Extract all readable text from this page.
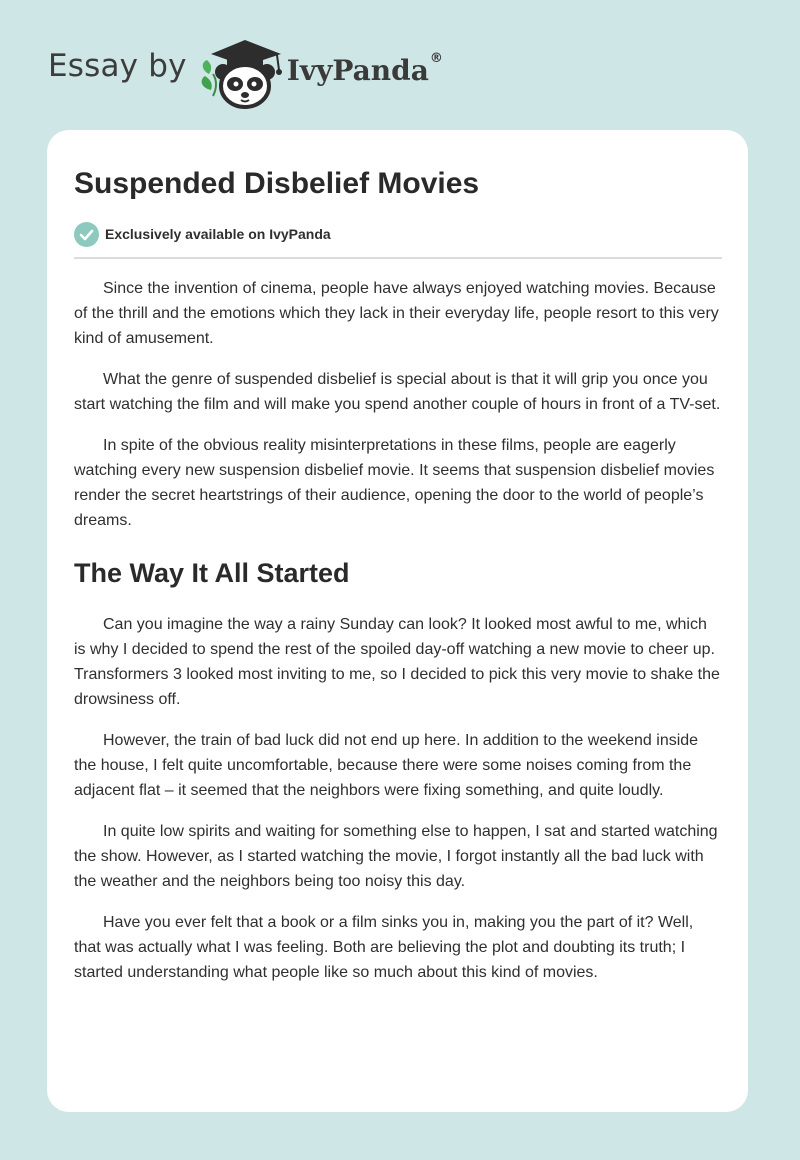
Essay by	IvyPanda ®
Suspended Disbelief Movies
Exclusively available on IvyPanda

Since the invention of cinema, people have always enjoyed watching movies. Because of the thrill and the emotions which they lack in their everyday life, people resort to this very kind of amusement.

What the genre of suspended disbelief is special about is that it will grip you once you start watching the film and will make you spend another couple of hours in front of a TV-set.

In spite of the obvious reality misinterpretations in these films, people are eagerly watching every new suspension disbelief movie. It seems that suspension disbelief movies render the secret heartstrings of their audience, opening the door to the world of people’s dreams.

The Way It All Started

Can you imagine the way a rainy Sunday can look? It looked most awful to me, which is why I decided to spend the rest of the spoiled day-off watching a new movie to cheer up. Transformers 3 looked most inviting to me, so I decided to pick this very movie to shake the drowsiness off.

However, the train of bad luck did not end up here. In addition to the weekend inside the house, I felt quite uncomfortable, because there were some noises coming from the adjacent flat – it seemed that the neighbors were fixing something, and quite loudly.

In quite low spirits and waiting for something else to happen, I sat and started watching the show. However, as I started watching the movie, I forgot instantly all the bad luck with the weather and the neighbors being too noisy this day.

Have you ever felt that a book or a film sinks you in, making you the part of it? Well, that was actually what I was feeling. Both are believing the plot and doubting its truth; I started understanding what people like so much about this kind of movies.
